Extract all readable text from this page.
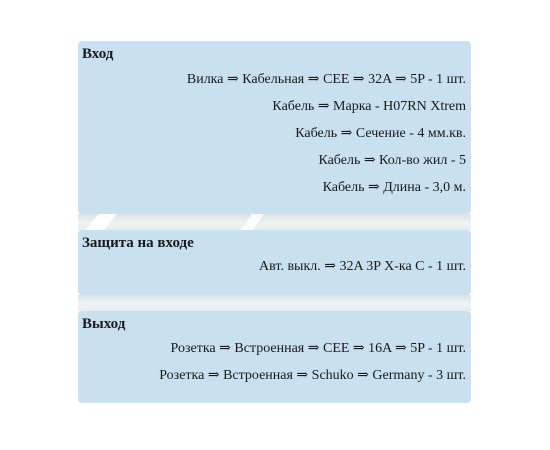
Вход
Вилка ⇒ Кабельная ⇒ CEE ⇒ 32A ⇒ 5P - 1 шт.
Кабель ⇒ Марка - H07RN Xtrem
Кабель ⇒ Сечение - 4 мм.кв.
Кабель ⇒ Кол-во жил - 5
Кабель ⇒ Длина - 3,0 м.
Защита на входе
Авт. выкл. ⇒ 32A 3P X-ка C - 1 шт.
Выход
Розетка ⇒ Встроенная ⇒ CEE ⇒ 16A ⇒ 5P - 1 шт.
Розетка ⇒ Встроенная ⇒ Schuko ⇒ Germany - 3 шт.
